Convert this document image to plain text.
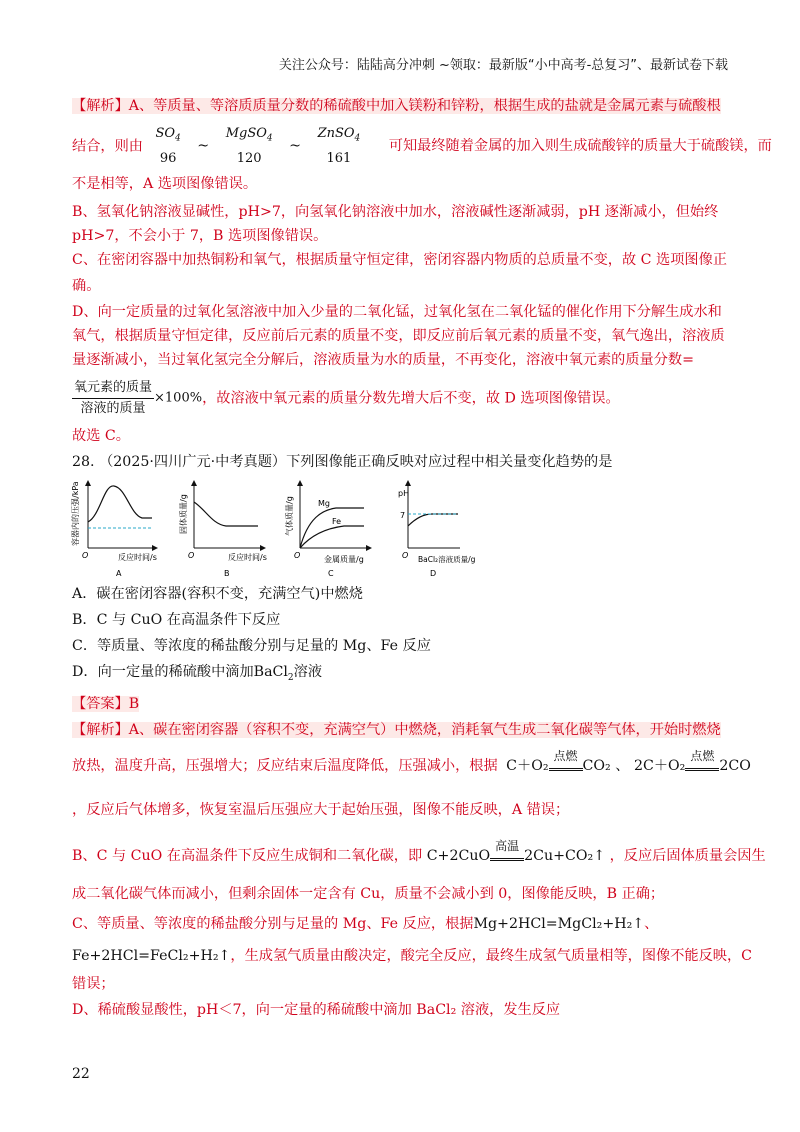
关注公众号：陆陆高分冲刺 ~领取：最新版“小中高考-总复习”、最新试卷下载
【解析】A、等质量、等溶质质量分数的稀硫酸中加入镁粉和锌粉，根据生成的盐就是金属元素与硫酸根
结合，则由
$SO_4$
96
~
MgSO$_4$
120
~
ZnSO$_4$
161
可知最终随着金属的加入则生成硫酸锌的质量大于硫酸镁，而
不是相等，A 选项图像错误。
B、氢氧化钠溶液显碱性，pH>7，向氢氧化钠溶液中加水，溶液碱性逐渐减弱，pH 逐渐减小，但始终
pH>7，不会小于 7，B 选项图像错误。
C、在密闭容器中加热铜粉和氧气，根据质量守恒定律，密闭容器内物质的总质量不变，故 C 选项图像正
确。
D、向一定质量的过氧化氢溶液中加入少量的二氧化锰，过氧化氢在二氧化锰的催化作用下分解生成水和
氧气，根据质量守恒定律，反应前后元素的质量不变，即反应前后氧元素的质量不变，氧气逸出，溶液质
量逐渐减小，当过氧化氢完全分解后，溶液质量为水的质量，不再变化，溶液中氧元素的质量分数=
$\frac{\text{氧元素的质量}}{\text{溶液的质量}} \times 100\%$，故溶液中氧元素的质量分数先增大后不变，故 D 选项图像错误。
故选 C。
28. （2025·四川广元·中考真题）下列图像能正确反映对应过程中相关量变化趋势的是
容器内的压强/kPa
O	反应时间/s
A
固体质量/g
O	反应时间/s
B
Mg
Fe
气体质量/g
O	金属质量/g
C
pH
7
O BaCl₂溶液质量/g
D
A．碳在密闭容器(容积不变，充满空气)中燃烧
B．C 与 CuO 在高温条件下反应
C．等质量、等浓度的稀盐酸分别与足量的 Mg、Fe 反应
D．向一定量的稀硫酸中滴加BaCl$_2$溶液
【答案】B
【解析】A、碳在密闭容器（容积不变，充满空气）中燃烧，消耗氧气生成二氧化碳等气体，开始时燃烧
放热，温度升高，压强增大；反应结束后温度降低，压强减小，根据 C＋O₂
点燃
CO₂ 、 2C＋O₂
点燃
2CO
，反应后气体增多，恢复室温后压强应大于起始压强，图像不能反映，A 错误；
B、C 与 CuO 在高温条件下反应生成铜和二氧化碳，即 C+2CuO
高温
2Cu+CO₂↑ ，反应后固体质量会因生
成二氧化碳气体而减小，但剩余固体一定含有 Cu，质量不会减小到 0，图像能反映，B 正确；
C、等质量、等浓度的稀盐酸分别与足量的 Mg、Fe 反应，根据Mg+2HCl=MgCl₂+H₂↑、
Fe+2HCl=FeCl₂+H₂↑，生成氢气质量由酸决定，酸完全反应，最终生成氢气质量相等，图像不能反映，C
错误；
D、稀硫酸显酸性，pH＜7，向一定量的稀硫酸中滴加 BaCl₂ 溶液，发生反应
22
